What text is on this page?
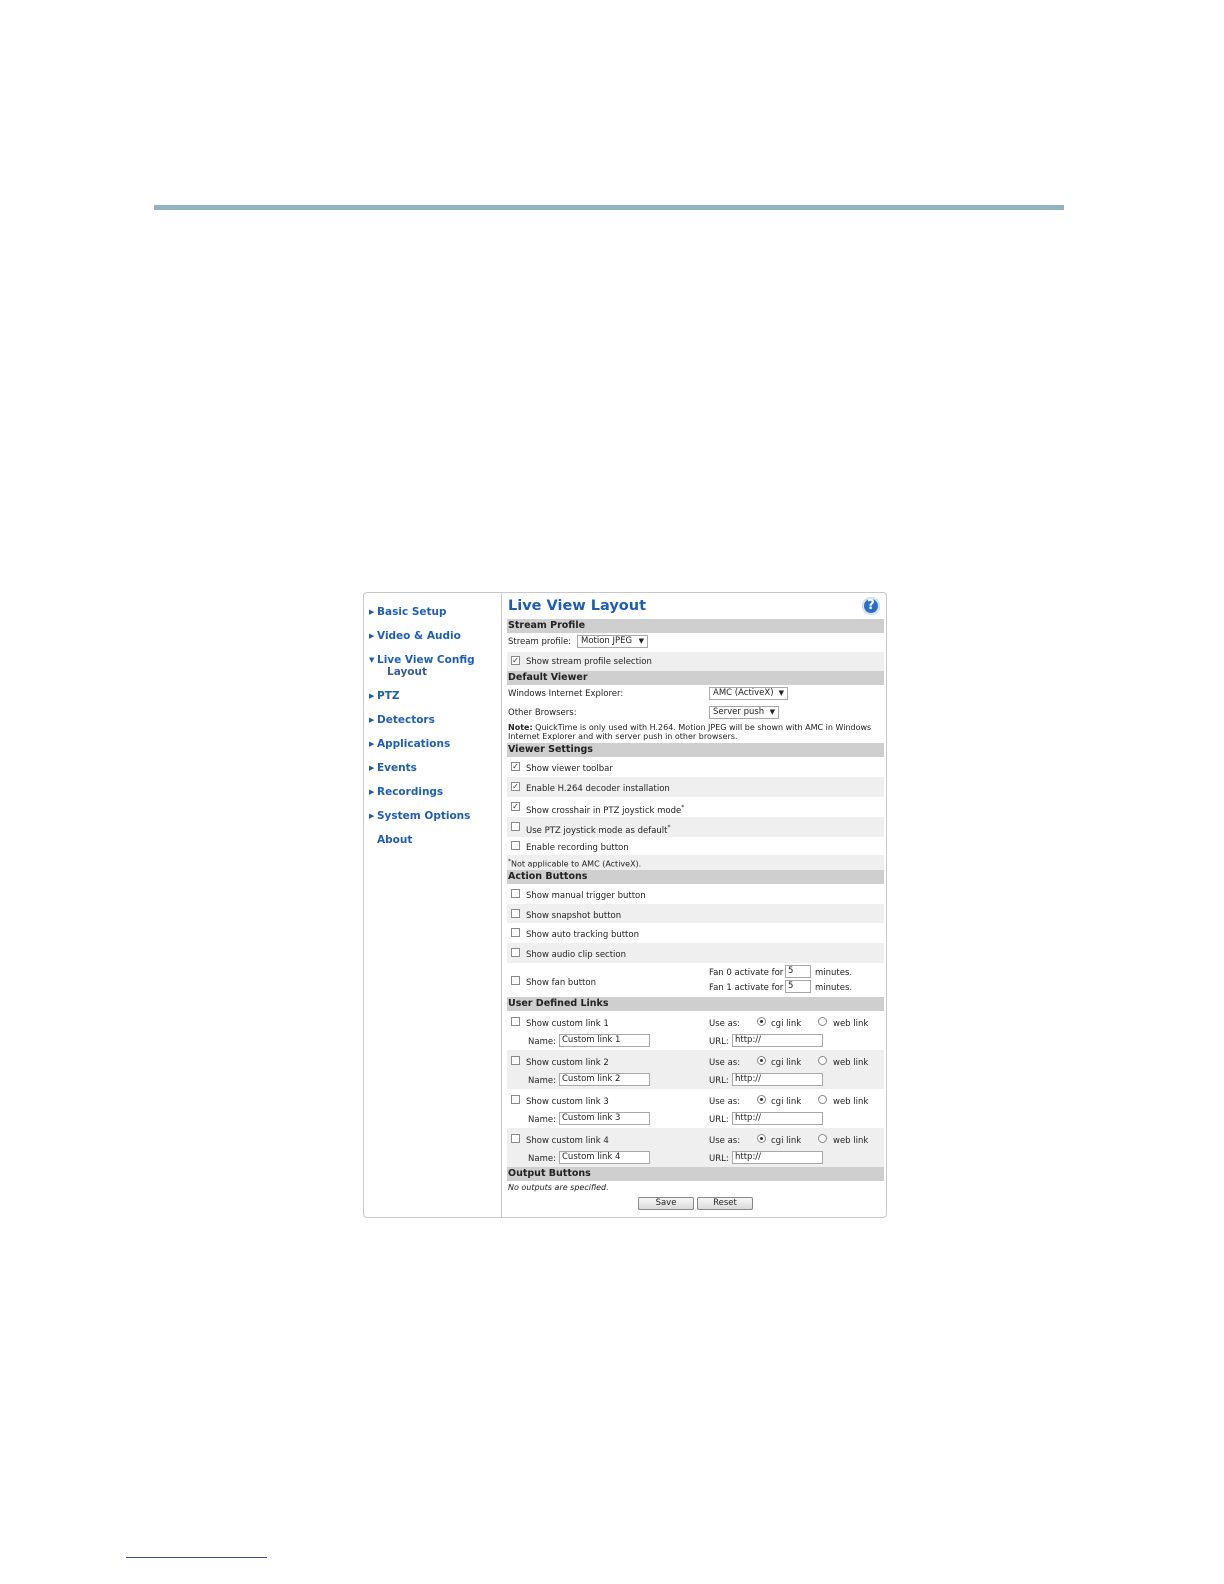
▶ Basic Setup
▶ Video & Audio
▼ Live View Config
Layout
▶ PTZ
▶ Detectors
▶ Applications
▶ Events
▶ Recordings
▶ System Options
About
Live View Layout	?
Stream Profile
Stream profile:	Motion JPEG ▼
✓ Show stream profile selection
Default Viewer
Windows Internet Explorer:	AMC (ActiveX) ▼
Other Browsers:	Server push ▼
Note: QuickTime is only used with H.264. Motion JPEG will be shown with AMC in Windows Internet Explorer and with server push in other browsers.
Viewer Settings
✓ Show viewer toolbar
✓ Enable H.264 decoder installation
✓ Show crosshair in PTZ joystick mode*
Use PTZ joystick mode as default*
Enable recording button
*Not applicable to AMC (ActiveX).
Action Buttons
Show manual trigger button
Show snapshot button
Show auto tracking button
Show audio clip section
Show fan button
Fan 0 activate for 5	minutes.
Fan 1 activate for 5	minutes.
User Defined Links
Show custom link 1	Use as:	cgi link	web link
Name: Custom link 1	URL: http://
Show custom link 2	Use as:	cgi link	web link
Name: Custom link 2	URL: http://
Show custom link 3	Use as:	cgi link	web link
Name: Custom link 3	URL: http://
Show custom link 4	Use as:	cgi link	web link
Name: Custom link 4	URL: http://
Output Buttons
No outputs are specified.
Save	Reset
